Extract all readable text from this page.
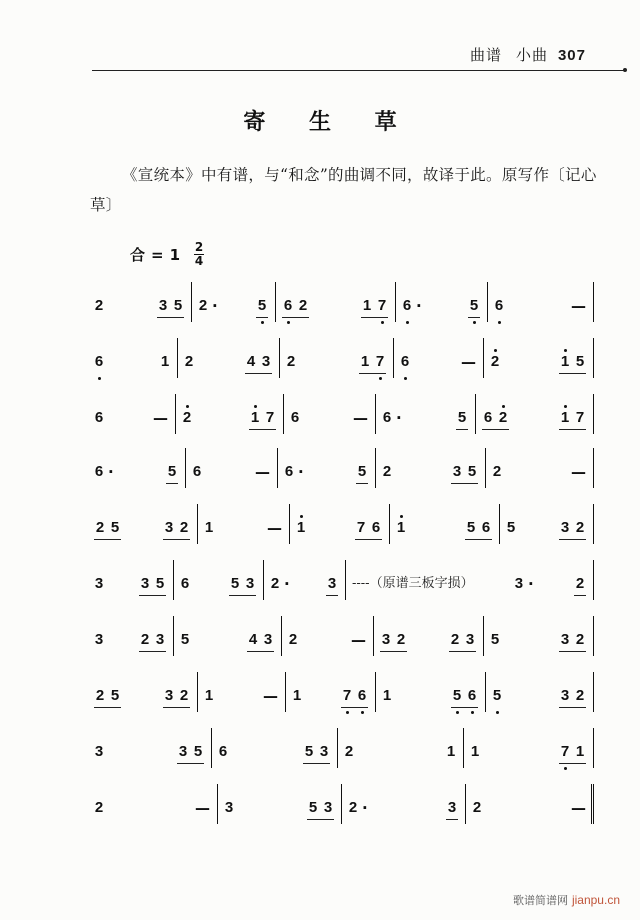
曲谱 小曲 307
寄 生 草
《宣统本》中有谱，与“和念”的曲调不同，故译于此。原写作〔记心草〕
合 = $1 \frac{2}{4}$
2	3 5 2 ·	5 6 2	1 7 6 ·	5 6	—
6	1 2	4 3 2	1 7 6	— 2	1 5
6	— 2	1 7 6	— 6 ·	5 6 2	1 7
6 ·	5 6	— 6 ·	5 2	3 5 2	—
2 5	3 2 1	— 1	7 6 1	5 6 5	3 2
3	3 5 6	5 3 2 ·	3 ----（原谱三板字损）	3 ·	2
3	2 3 5	4 3 2	— 3 2	2 3 5	3 2
2 5	3 2 1	— 1	7 6 1	5 6 5	3 2
3	3 5 6	5 3 2	1 1	7 1
2	— 3	5 3 2 ·	3 2	—
歌谱简谱网 jianpu.cn
